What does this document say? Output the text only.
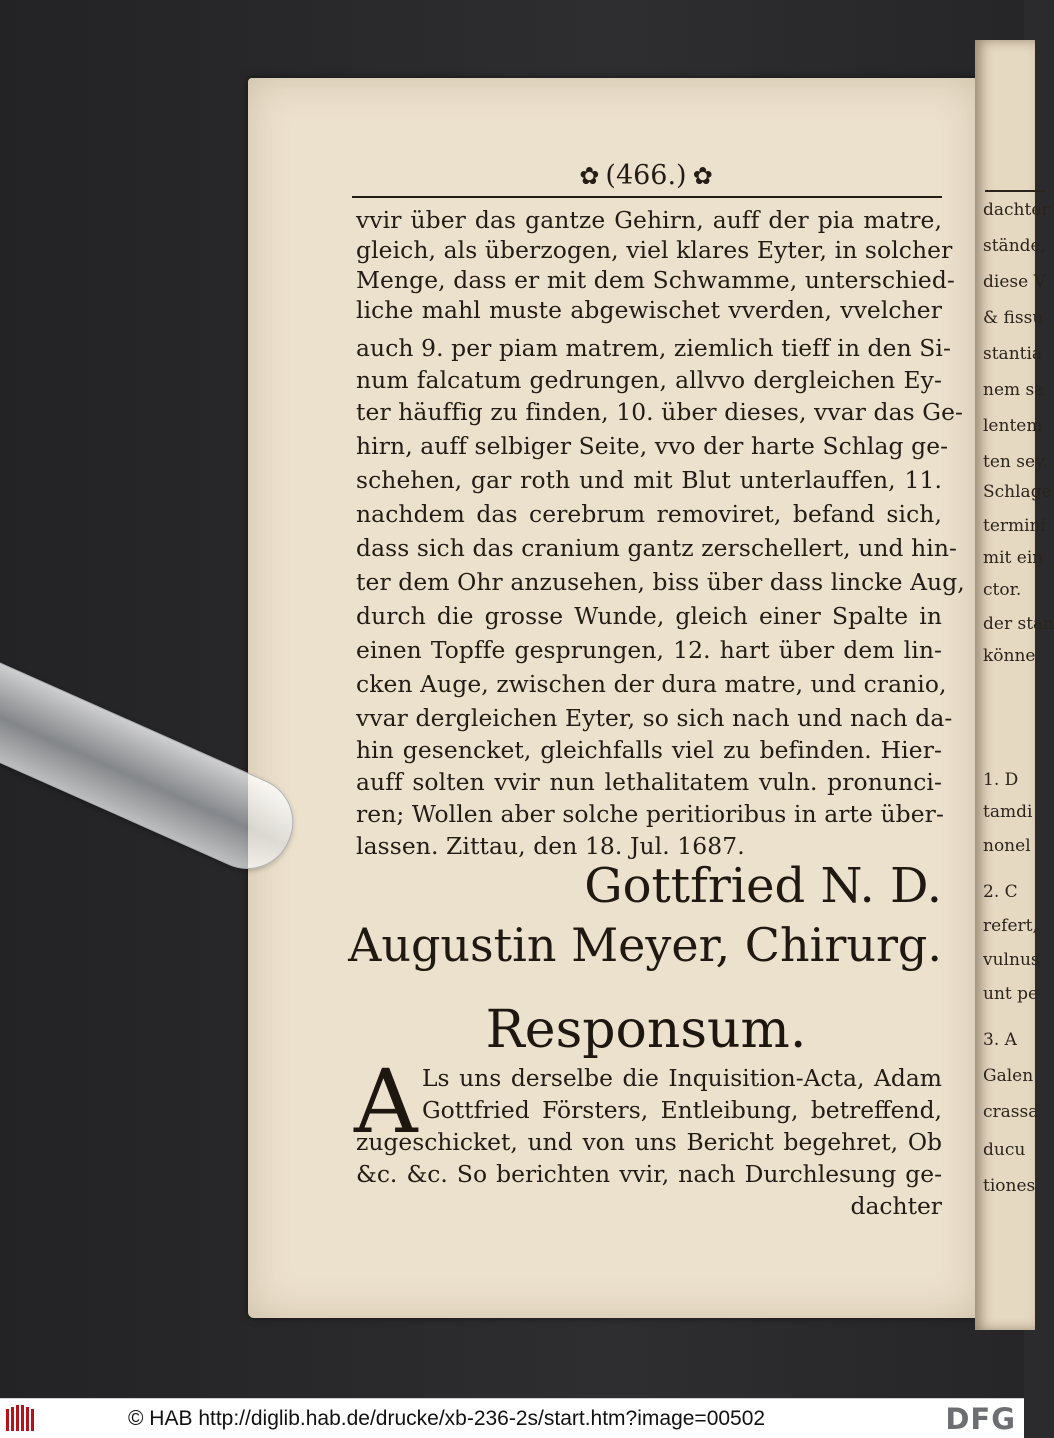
dachter
stände,
diese V
& fissu
stantia
nem sa
lentem
ten sey.
Schlage
termini
mit ein
ctor.
der stan
könne
1. D
tamdi
nonel
2. C
refert,
vulnus
unt pe
3. A
Galen
crassa
ducu
tiones
✿ (466.) ✿
vvir über das gantze Gehirn, auff der pia matre,
gleich, als überzogen, viel klares Eyter, in solcher
Menge, dass er mit dem Schwamme, unterschied-
liche mahl muste abgewischet vverden, vvelcher
auch 9. per piam matrem, ziemlich tieff in den Si-
num falcatum gedrungen, allvvo dergleichen Ey-
ter häuffig zu finden, 10. über dieses, vvar das Ge-
hirn, auff selbiger Seite, vvo der harte Schlag ge-
schehen, gar roth und mit Blut unterlauffen, 11.
nachdem das cerebrum removiret, befand sich,
dass sich das cranium gantz zerschellert, und hin-
ter dem Ohr anzusehen, biss über dass lincke Aug,
durch die grosse Wunde, gleich einer Spalte in
einen Topffe gesprungen, 12. hart über dem lin-
cken Auge, zwischen der dura matre, und cranio,
vvar dergleichen Eyter, so sich nach und nach da-
hin gesencket, gleichfalls viel zu befinden. Hier-
auff solten vvir nun lethalitatem vuln. pronunci-
ren; Wollen aber solche peritioribus in arte über-
lassen. Zittau, den 18. Jul. 1687.
Gottfried N. D.
Augustin Meyer, Chirurg.
Responsum.
A Ls uns derselbe die Inquisition-Acta, Adam
Gottfried Försters, Entleibung, betreffend,
zugeschicket, und von uns Bericht begehret, Ob
&c. &c. So berichten vvir, nach Durchlesung ge-
dachter
© HAB http://diglib.hab.de/drucke/xb-236-2s/start.htm?image=00502	DFG
